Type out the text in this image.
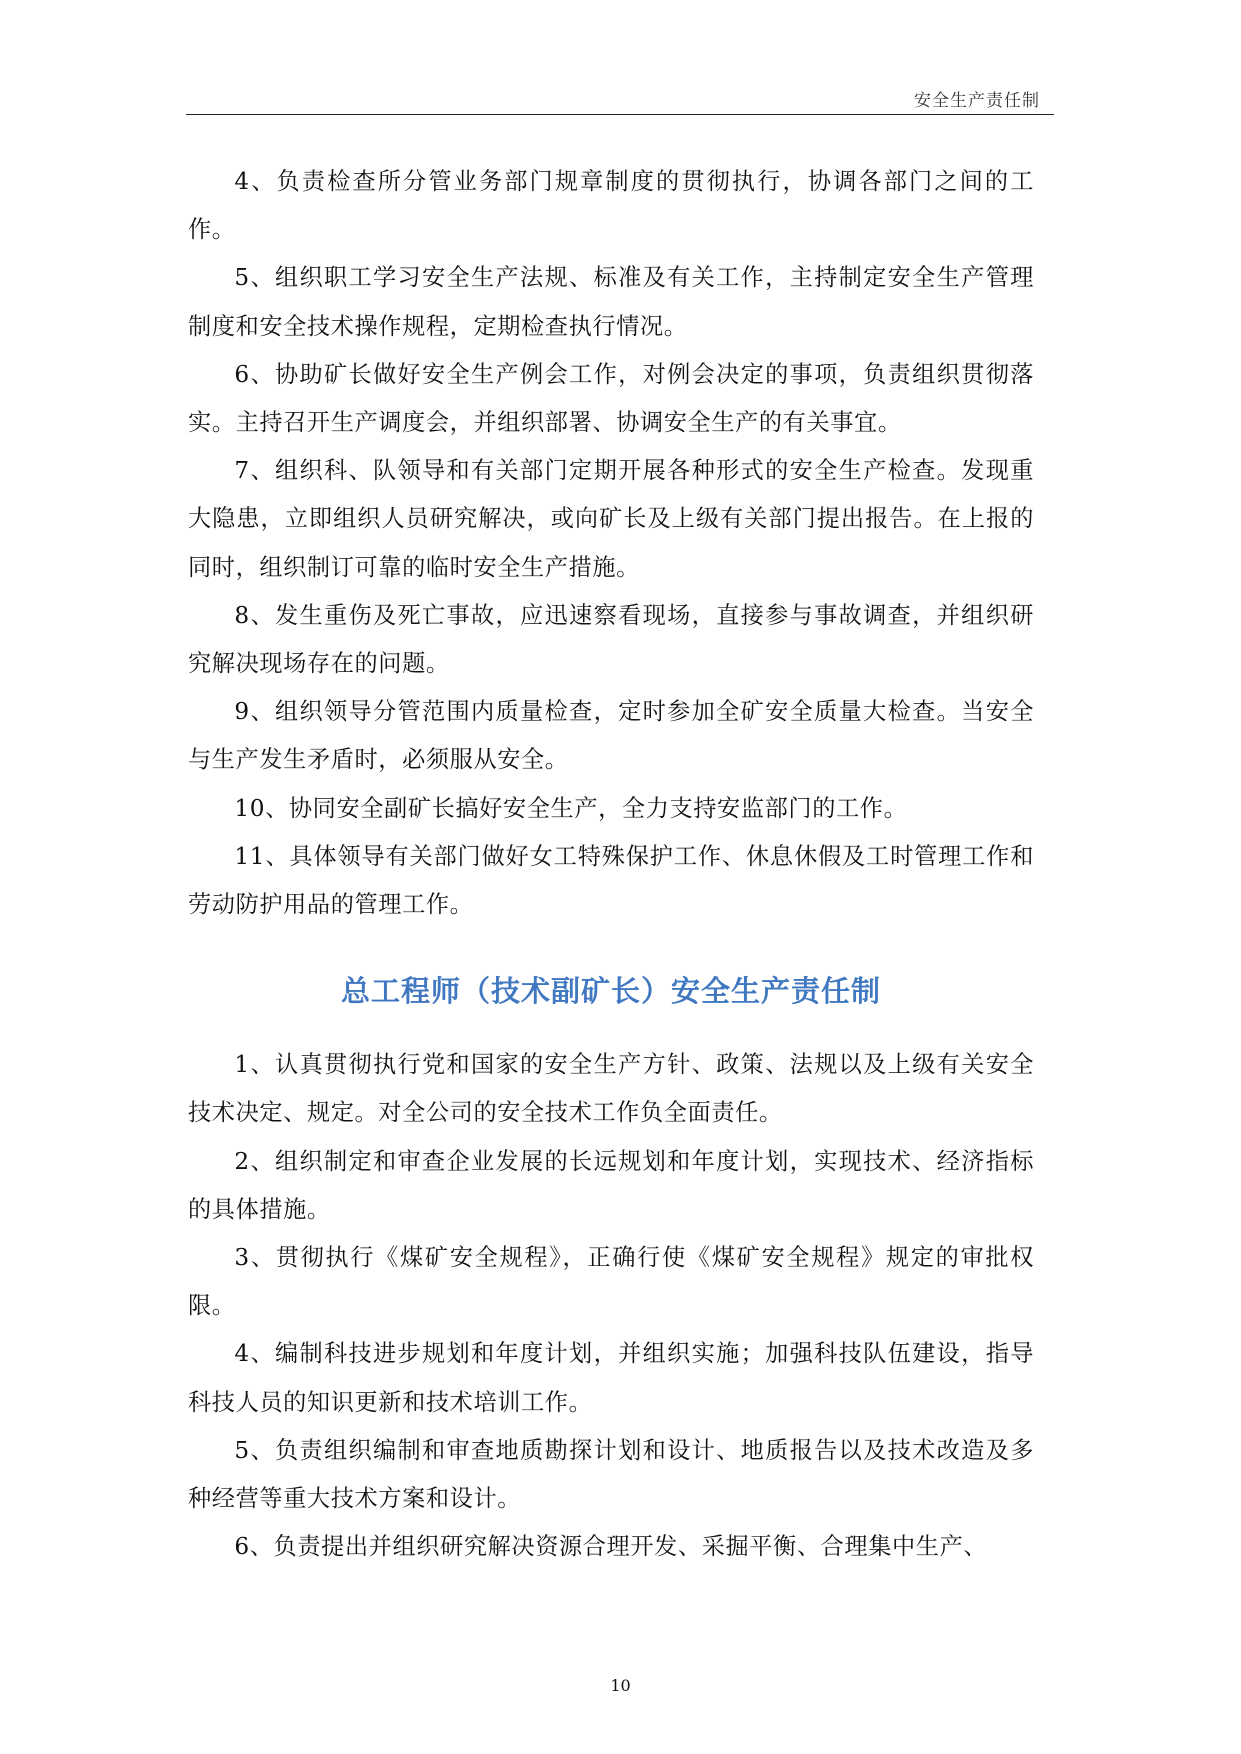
安全生产责任制

4、负责检查所分管业务部门规章制度的贯彻执行，协调各部门之间的工作。

5、组织职工学习安全生产法规、标准及有关工作，主持制定安全生产管理制度和安全技术操作规程，定期检查执行情况。

6、协助矿长做好安全生产例会工作，对例会决定的事项，负责组织贯彻落实。主持召开生产调度会，并组织部署、协调安全生产的有关事宜。

7、组织科、队领导和有关部门定期开展各种形式的安全生产检查。发现重大隐患，立即组织人员研究解决，或向矿长及上级有关部门提出报告。在上报的同时，组织制订可靠的临时安全生产措施。

8、发生重伤及死亡事故，应迅速察看现场，直接参与事故调查，并组织研究解决现场存在的问题。

9、组织领导分管范围内质量检查，定时参加全矿安全质量大检查。当安全与生产发生矛盾时，必须服从安全。

10、协同安全副矿长搞好安全生产，全力支持安监部门的工作。

11、具体领导有关部门做好女工特殊保护工作、休息休假及工时管理工作和劳动防护用品的管理工作。

总工程师（技术副矿长）安全生产责任制

1、认真贯彻执行党和国家的安全生产方针、政策、法规以及上级有关安全技术决定、规定。对全公司的安全技术工作负全面责任。

2、组织制定和审查企业发展的长远规划和年度计划，实现技术、经济指标的具体措施。

3、贯彻执行《煤矿安全规程》，正确行使《煤矿安全规程》规定的审批权限。

4、编制科技进步规划和年度计划，并组织实施；加强科技队伍建设，指导科技人员的知识更新和技术培训工作。

5、负责组织编制和审查地质勘探计划和设计、地质报告以及技术改造及多种经营等重大技术方案和设计。

6、负责提出并组织研究解决资源合理开发、采掘平衡、合理集中生产、

10
